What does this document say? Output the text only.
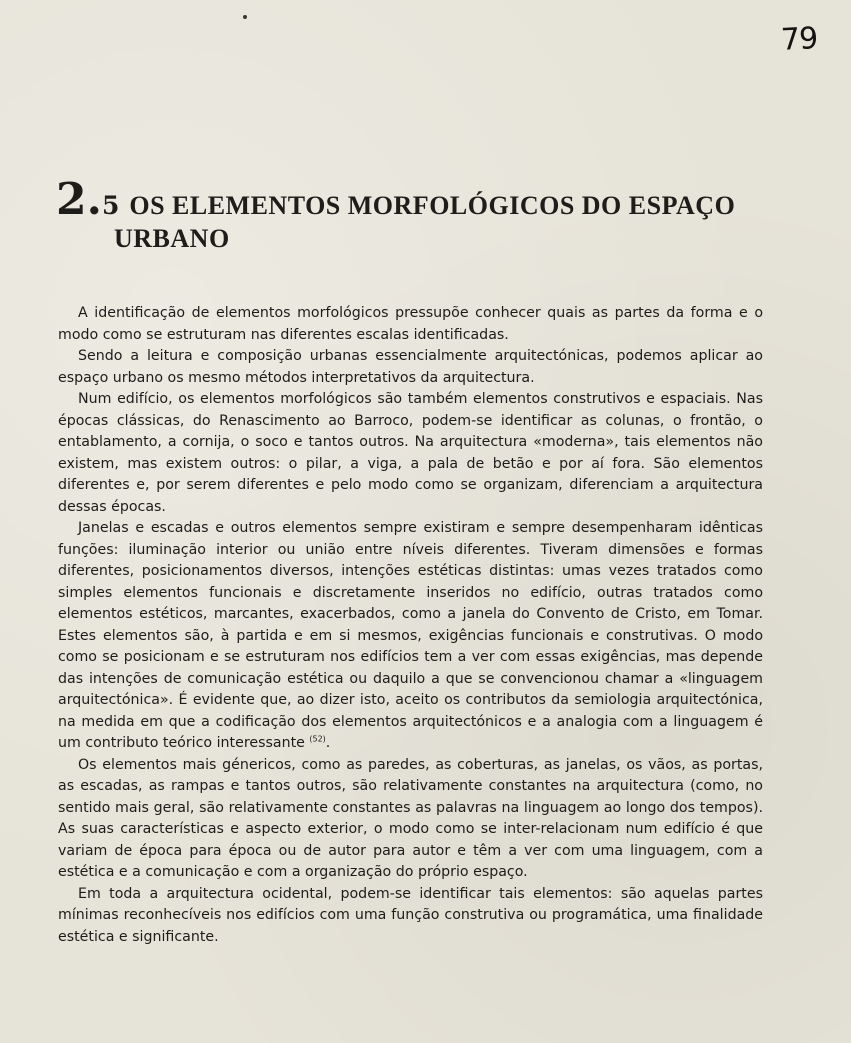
79
2.5 OS ELEMENTOS MORFOLÓGICOS DO ESPAÇO
URBANO

A identificação de elementos morfológicos pressupõe conhecer quais as partes da forma e o modo como se estruturam nas diferentes escalas identificadas.

Sendo a leitura e composição urbanas essencialmente arquitectónicas, podemos aplicar ao espaço urbano os mesmo métodos interpretativos da arquitectura.

Num edifício, os elementos morfológicos são também elementos construtivos e espaciais. Nas épocas clássicas, do Renascimento ao Barroco, podem-se identificar as colunas, o frontão, o entablamento, a cornija, o soco e tantos outros. Na arquitectura «moderna», tais elementos não existem, mas existem outros: o pilar, a viga, a pala de betão e por aí fora. São elementos diferentes e, por serem diferentes e pelo modo como se organizam, diferenciam a arquitectura dessas épocas.

Janelas e escadas e outros elementos sempre existiram e sempre desempenharam idênticas funções: iluminação interior ou união entre níveis diferentes. Tiveram dimensões e formas diferentes, posicionamentos diversos, intenções estéticas distintas: umas vezes tratados como simples elementos funcionais e discretamente inseridos no edifício, outras tratados como elementos estéticos, marcantes, exacerbados, como a janela do Convento de Cristo, em Tomar. Estes elementos são, à partida e em si mesmos, exigências funcionais e construtivas. O modo como se posicionam e se estruturam nos edifícios tem a ver com essas exigências, mas depende das intenções de comunicação estética ou daquilo a que se convencionou chamar a «linguagem arquitectónica». É evidente que, ao dizer isto, aceito os contributos da semiologia arquitectónica, na medida em que a codificação dos elementos arquitectónicos e a analogia com a linguagem é um contributo teórico interessante $^{(52)}$.

Os elementos mais génericos, como as paredes, as coberturas, as janelas, os vãos, as portas, as escadas, as rampas e tantos outros, são relativamente constantes na arquitectura (como, no sentido mais geral, são relativamente constantes as palavras na linguagem ao longo dos tempos). As suas características e aspecto exterior, o modo como se inter-relacionam num edifício é que variam de época para época ou de autor para autor e têm a ver com uma linguagem, com a estética e a comunicação e com a organização do próprio espaço.

Em toda a arquitectura ocidental, podem-se identificar tais elementos: são aquelas partes mínimas reconhecíveis nos edifícios com uma função construtiva ou programática, uma finalidade estética e significante.
